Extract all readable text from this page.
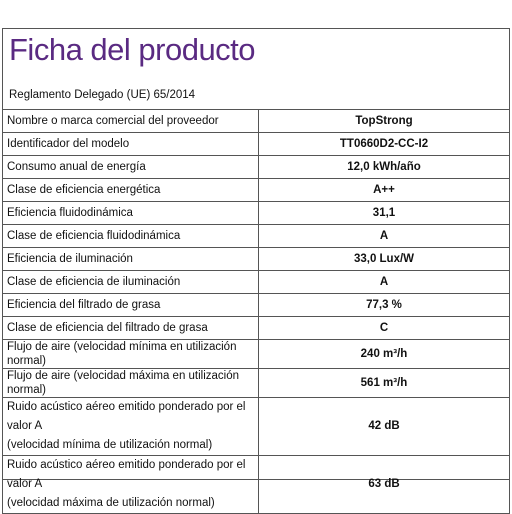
Ficha del producto
Reglamento Delegado (UE) 65/2014
Nombre o marca comercial del proveedor	TopStrong
Identificador del modelo	TT0660D2-CC-I2
Consumo anual de energía	12,0 kWh/año
Clase de eficiencia energética	A++
Eficiencia fluidodinámica	31,1
Clase de eficiencia fluidodinámica	A
Eficiencia de iluminación	33,0 Lux/W
Clase de eficiencia de iluminación	A
Eficiencia del filtrado de grasa	77,3 %
Clase de eficiencia del filtrado de grasa	C
Flujo de aire (velocidad mínima en utilización normal)	240 m³/h
Flujo de aire (velocidad máxima en utilización normal)	561 m³/h
Ruido acústico aéreo emitido ponderado por el valor A
(velocidad mínima de utilización normal)	42 dB
Ruido acústico aéreo emitido ponderado por el valor A
(velocidad máxima de utilización normal)	63 dB
